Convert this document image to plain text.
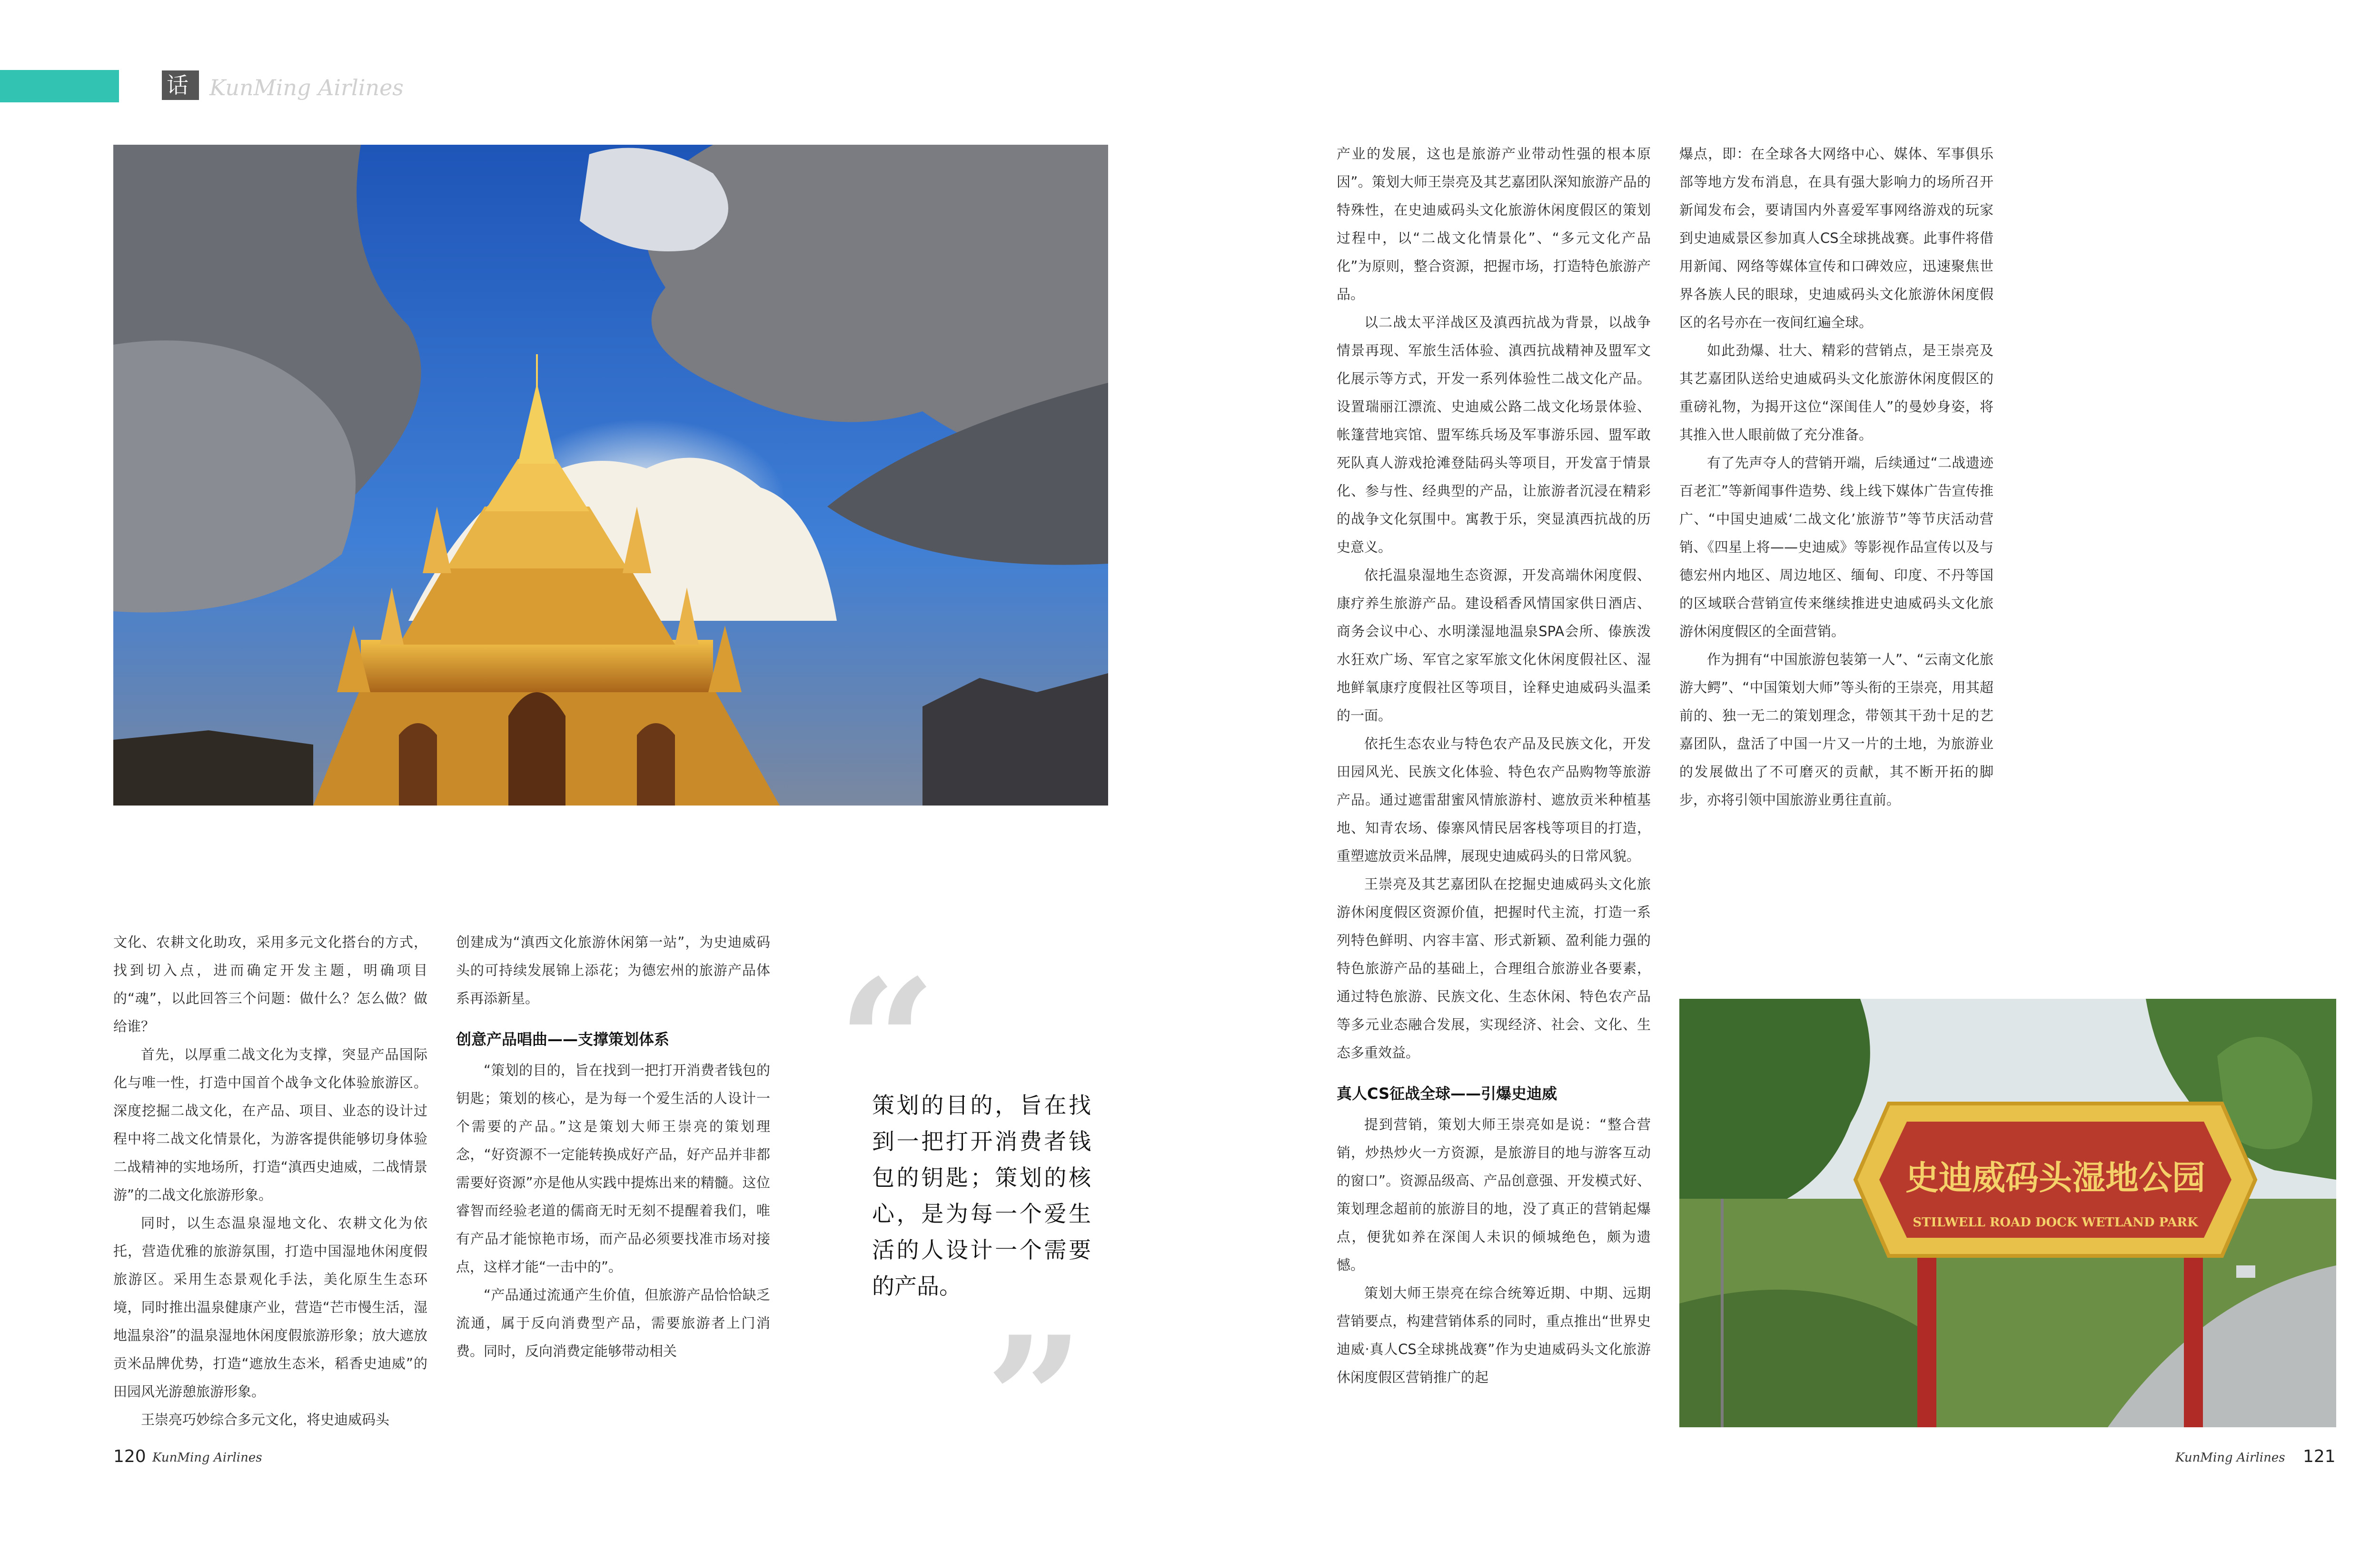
对 话 KunMing Airlines

文化、农耕文化助攻，采用多元文化搭台的方式，找到切入点，进而确定开发主题，明确项目的“魂”，以此回答三个问题：做什么？怎么做？做给谁？

首先，以厚重二战文化为支撑，突显产品国际化与唯一性，打造中国首个战争文化体验旅游区。深度挖掘二战文化，在产品、项目、业态的设计过程中将二战文化情景化，为游客提供能够切身体验二战精神的实地场所，打造“滇西史迪威，二战情景游”的二战文化旅游形象。

同时，以生态温泉湿地文化、农耕文化为依托，营造优雅的旅游氛围，打造中国湿地休闲度假旅游区。采用生态景观化手法，美化原生生态环境，同时推出温泉健康产业，营造“芒市慢生活，湿地温泉浴”的温泉湿地休闲度假旅游形象；放大遮放贡米品牌优势，打造“遮放生态米，稻香史迪威”的田园风光游憩旅游形象。

王崇亮巧妙综合多元文化，将史迪威码头

创建成为“滇西文化旅游休闲第一站”，为史迪威码头的可持续发展锦上添花；为德宏州的旅游产品体系再添新星。

创意产品唱曲——支撑策划体系

“策划的目的，旨在找到一把打开消费者钱包的钥匙；策划的核心，是为每一个爱生活的人设计一个需要的产品。”这是策划大师王崇亮的策划理念，“好资源不一定能转换成好产品，好产品并非都需要好资源”亦是他从实践中提炼出来的精髓。这位睿智而经验老道的儒商无时无刻不提醒着我们，唯有产品才能惊艳市场，而产品必须要找准市场对接点，这样才能“一击中的”。

“产品通过流通产生价值，但旅游产品恰恰缺乏流通，属于反向消费型产品，需要旅游者上门消费。同时，反向消费定能够带动相关

“
策划的目的，旨在找到一把打开消费者钱包的钥匙；策划的核心，是为每一个爱生活的人设计一个需要的产品。
”

产业的发展，这也是旅游产业带动性强的根本原因”。策划大师王崇亮及其艺嘉团队深知旅游产品的特殊性，在史迪威码头文化旅游休闲度假区的策划过程中，以“二战文化情景化”、“多元文化产品化”为原则，整合资源，把握市场，打造特色旅游产品。

以二战太平洋战区及滇西抗战为背景，以战争情景再现、军旅生活体验、滇西抗战精神及盟军文化展示等方式，开发一系列体验性二战文化产品。设置瑞丽江漂流、史迪威公路二战文化场景体验、帐篷营地宾馆、盟军练兵场及军事游乐园、盟军敢死队真人游戏抢滩登陆码头等项目，开发富于情景化、参与性、经典型的产品，让旅游者沉浸在精彩的战争文化氛围中。寓教于乐，突显滇西抗战的历史意义。

依托温泉湿地生态资源，开发高端休闲度假、康疗养生旅游产品。建设稻香风情国家供日酒店、商务会议中心、水明漾湿地温泉SPA会所、傣族泼水狂欢广场、军官之家军旅文化休闲度假社区、湿地鲜氧康疗度假社区等项目，诠释史迪威码头温柔的一面。

依托生态农业与特色农产品及民族文化，开发田园风光、民族文化体验、特色农产品购物等旅游产品。通过遮雷甜蜜风情旅游村、遮放贡米种植基地、知青农场、傣寨风情民居客栈等项目的打造，重塑遮放贡米品牌，展现史迪威码头的日常风貌。

王崇亮及其艺嘉团队在挖掘史迪威码头文化旅游休闲度假区资源价值，把握时代主流，打造一系列特色鲜明、内容丰富、形式新颖、盈利能力强的特色旅游产品的基础上，合理组合旅游业各要素，通过特色旅游、民族文化、生态休闲、特色农产品等多元业态融合发展，实现经济、社会、文化、生态多重效益。

真人CS征战全球——引爆史迪威

提到营销，策划大师王崇亮如是说：“整合营销，炒热炒火一方资源，是旅游目的地与游客互动的窗口”。资源品级高、产品创意强、开发模式好、策划理念超前的旅游目的地，没了真正的营销起爆点，便犹如养在深闺人未识的倾城绝色，颇为遗憾。

策划大师王崇亮在综合统筹近期、中期、远期营销要点，构建营销体系的同时，重点推出“世界史迪威·真人CS全球挑战赛”作为史迪威码头文化旅游休闲度假区营销推广的起

爆点，即：在全球各大网络中心、媒体、军事俱乐部等地方发布消息，在具有强大影响力的场所召开新闻发布会，要请国内外喜爱军事网络游戏的玩家到史迪威景区参加真人CS全球挑战赛。此事件将借用新闻、网络等媒体宣传和口碑效应，迅速聚焦世界各族人民的眼球，史迪威码头文化旅游休闲度假区的名号亦在一夜间红遍全球。

如此劲爆、壮大、精彩的营销点，是王崇亮及其艺嘉团队送给史迪威码头文化旅游休闲度假区的重磅礼物，为揭开这位“深闺佳人”的曼妙身姿，将其推入世人眼前做了充分准备。

有了先声夺人的营销开端，后续通过“二战遗迹百老汇”等新闻事件造势、线上线下媒体广告宣传推广、“中国史迪威‘二战文化’旅游节”等节庆活动营销、《四星上将——史迪威》等影视作品宣传以及与德宏州内地区、周边地区、缅甸、印度、不丹等国的区域联合营销宣传来继续推进史迪威码头文化旅游休闲度假区的全面营销。

作为拥有“中国旅游包装第一人”、“云南文化旅游大鳄”、“中国策划大师”等头衔的王崇亮，用其超前的、独一无二的策划理念，带领其干劲十足的艺嘉团队，盘活了中国一片又一片的土地，为旅游业的发展做出了不可磨灭的贡献，其不断开拓的脚步，亦将引领中国旅游业勇往直前。

史迪威码头湿地公园
STILWELL ROAD DOCK WETLAND PARK
120 KunMing Airlines	KunMing Airlines 121
